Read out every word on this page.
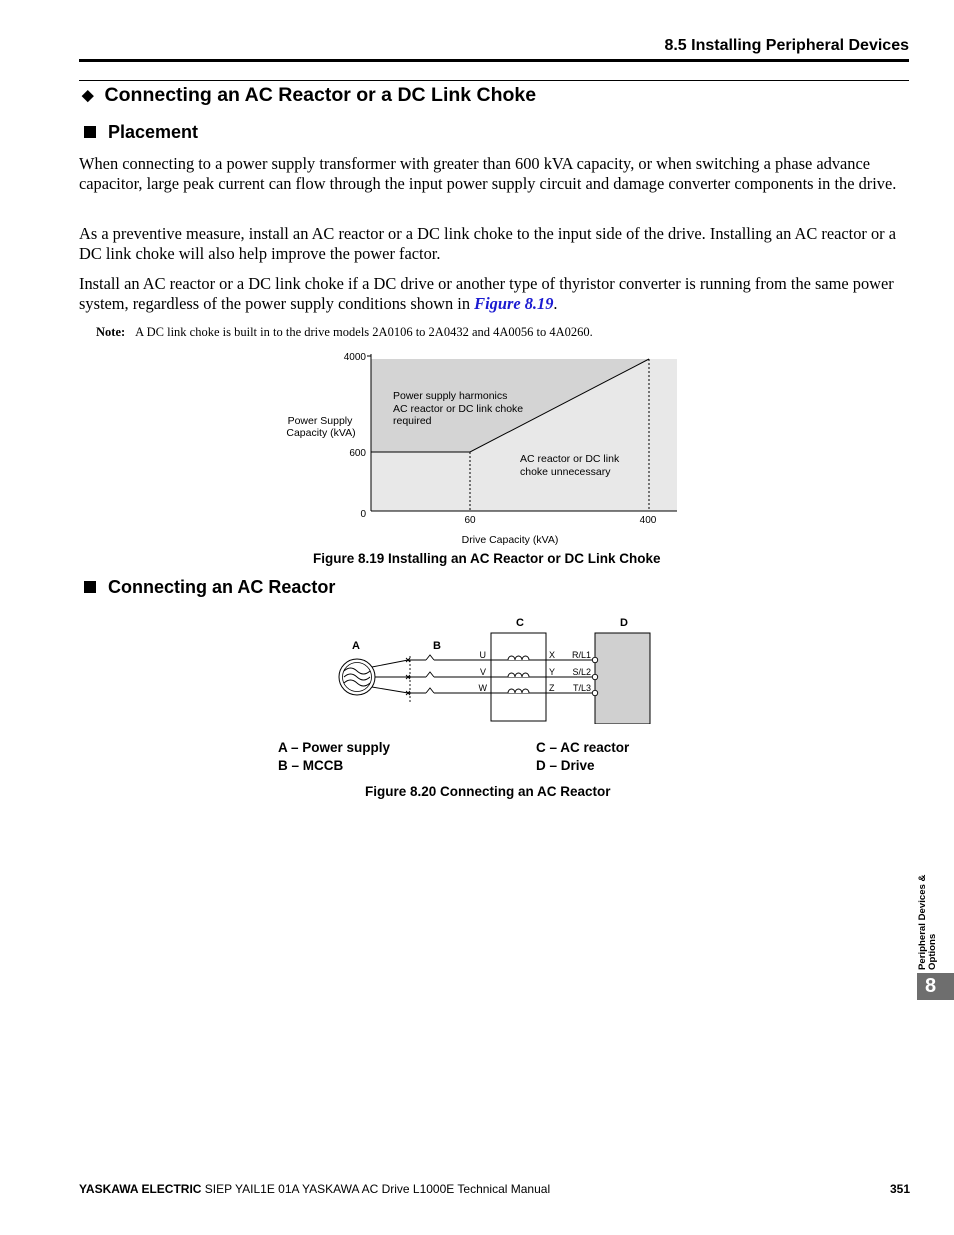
8.5 Installing Peripheral Devices
◆ Connecting an AC Reactor or a DC Link Choke
Placement
When connecting to a power supply transformer with greater than 600 kVA capacity, or when switching a phase advance capacitor, large peak current can flow through the input power supply circuit and damage converter components in the drive.
As a preventive measure, install an AC reactor or a DC link choke to the input side of the drive. Installing an AC reactor or a DC link choke will also help improve the power factor.
Install an AC reactor or a DC link choke if a DC drive or another type of thyristor converter is running from the same power system, regardless of the power supply conditions shown in Figure 8.19.
Note: A DC link choke is built in to the drive models 2A0106 to 2A0432 and 4A0056 to 4A0260.
4000
600
0
60	400
Power Supply
Capacity (kVA)
Drive Capacity (kVA)
Power supply harmonics
AC reactor or DC link choke
required
AC reactor or DC link
choke unnecessary
Figure 8.19 Installing an AC Reactor or DC Link Choke
Connecting an AC Reactor
A	B
C	D
U
V
W
X
Y
Z
R/L1
S/L2
T/L3
A – Power supply
B – MCCB
C – AC reactor
D – Drive
Figure 8.20 Connecting an AC Reactor
Peripheral Devices & Options
8
YASKAWA ELECTRIC SIEP YAIL1E 01A YASKAWA AC Drive L1000E Technical Manual	351
